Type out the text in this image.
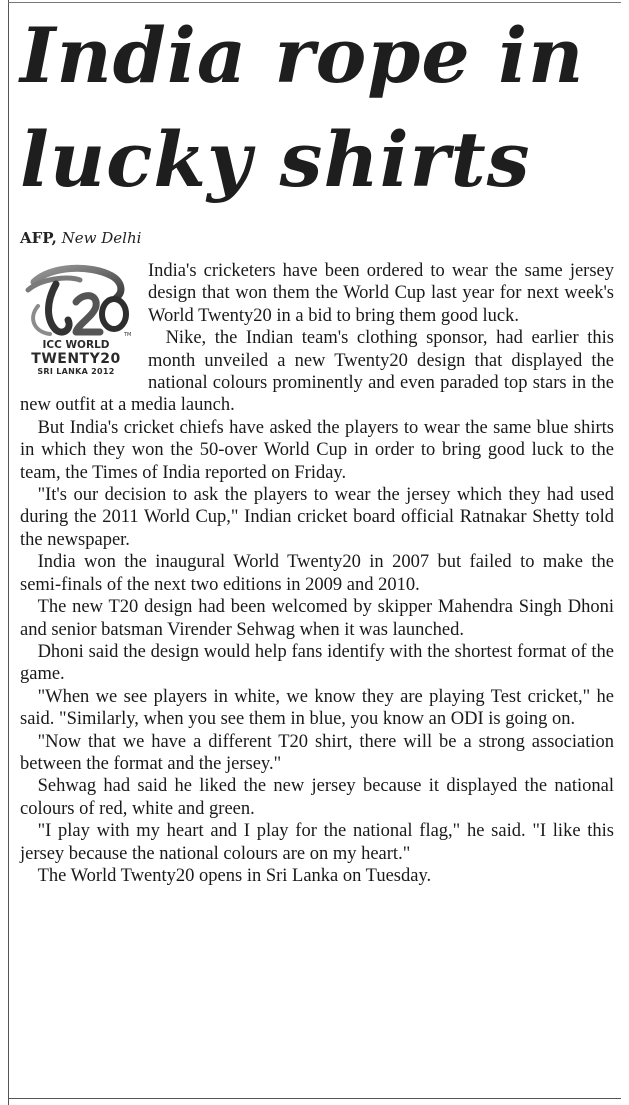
India rope in lucky shirts
AFP, New Delhi
TM
ICC WORLD
TWENTY20
SRI LANKA 2012

India's cricketers have been ordered to wear the same jersey design that won them the World Cup last year for next week's World Twenty20 in a bid to bring them good luck.

Nike, the Indian team's clothing sponsor, had earlier this month unveiled a new Twenty20 design that displayed the national colours prominently and even paraded top stars in the new outfit at a media launch.

But India's cricket chiefs have asked the players to wear the same blue shirts in which they won the 50-over World Cup in order to bring good luck to the team, the Times of India reported on Friday.

"It's our decision to ask the players to wear the jersey which they had used during the 2011 World Cup," Indian cricket board official Ratnakar Shetty told the newspaper.

India won the inaugural World Twenty20 in 2007 but failed to make the semi-finals of the next two editions in 2009 and 2010.

The new T20 design had been welcomed by skipper Mahendra Singh Dhoni and senior batsman Virender Sehwag when it was launched.

Dhoni said the design would help fans identify with the shortest format of the game.

"When we see players in white, we know they are playing Test cricket," he said. "Similarly, when you see them in blue, you know an ODI is going on.

"Now that we have a different T20 shirt, there will be a strong association between the format and the jersey."

Sehwag had said he liked the new jersey because it displayed the national colours of red, white and green.

"I play with my heart and I play for the national flag," he said. "I like this jersey because the national colours are on my heart."

The World Twenty20 opens in Sri Lanka on Tuesday.
